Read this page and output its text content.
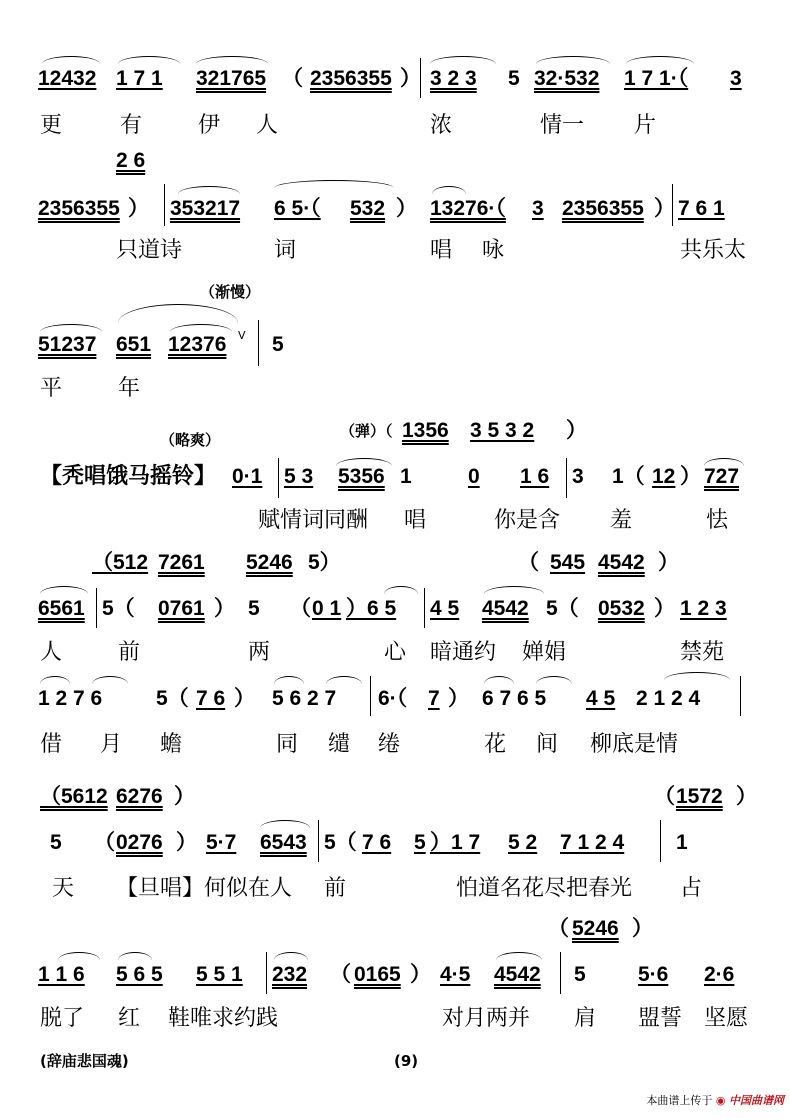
12432 1 7 1 321765 （ 2356355 ） 3 2 3 5 32·532 1 7 1·（ 3
更	有	伊 人	浓	情一 片
2 6
2356355 ） 353217 6 5·（ 532 ） 13276·（ 3 2356355 ） 7 6 1
只道诗	词	唱 咏	共乐太
（渐慢）
51237 651 12376 V 5
平	年
（弹）（ 1356 3 5 3 2 ）
（略爽）
【秃唱饿马摇铃】 0·1 5 3 5356 1	0 1 6 3 1（ 12 ） 727
赋情词同酬 唱	你是含 羞	怯
（512 7261 5246 5）	（ 545 4542 ）
6561 5（ 0761 ） 5 （ 0 1 ）6 5 4 5 4542 5（ 0532 ） 1 2 3
人	前	两	心 暗通约 婵娟	禁苑
1 2 7 6	5（ 7 6 ） 5 6 2 7 6·（ 7 ） 6 7 6 5 4 5 2 1 2 4
借 月 蟾	同 缱 绻	花 间 柳底是情
（5612 6276 ）	（ 1572 ）
5 （ 0276 ） 5·7 6543 5（ 7 6 5 ）1 7 5 2 7 1 2 4 1
天 【旦唱】何似在人 前	怕道名花尽把春光 占
（ 5246 ）
1 1 6 5 6 5 5 5 1 232 （ 0165 ） 4·5 4542 5 5·6 2·6
脱了 红 鞋唯求约践	对月两并 肩 盟誓 坚愿
(辞庙悲国魂)	(9)
本曲谱上传于 ◉ 中国曲谱网
